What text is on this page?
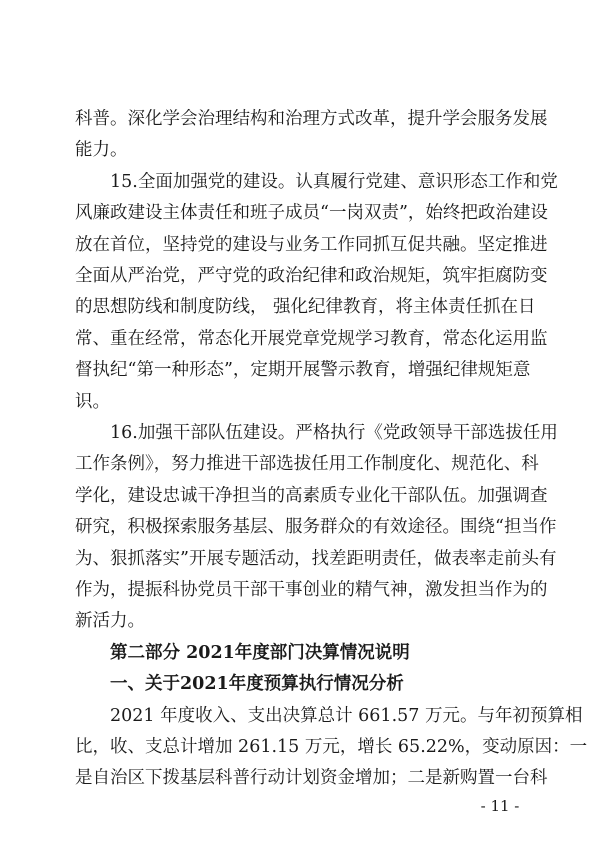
科普。深化学会治理结构和治理方式改革，提升学会服务发展
能力。
15.全面加强党的建设。认真履行党建、意识形态工作和党
风廉政建设主体责任和班子成员“一岗双责”，始终把政治建设
放在首位，坚持党的建设与业务工作同抓互促共融。坚定推进
全面从严治党，严守党的政治纪律和政治规矩，筑牢拒腐防变
的思想防线和制度防线， 强化纪律教育，将主体责任抓在日
常、重在经常，常态化开展党章党规学习教育，常态化运用监
督执纪“第一种形态”，定期开展警示教育，增强纪律规矩意
识。
16.加强干部队伍建设。严格执行《党政领导干部选拔任用
工作条例》，努力推进干部选拔任用工作制度化、规范化、科
学化，建设忠诚干净担当的高素质专业化干部队伍。加强调查
研究，积极探索服务基层、服务群众的有效途径。围绕“担当作
为、狠抓落实”开展专题活动，找差距明责任，做表率走前头有
作为，提振科协党员干部干事创业的精气神，激发担当作为的
新活力。
第二部分 2021年度部门决算情况说明
一、关于2021年度预算执行情况分析
2021 年度收入、支出决算总计 661.57 万元。与年初预算相
比，收、支总计增加 261.15 万元，增长 65.22%，变动原因：一
是自治区下拨基层科普行动计划资金增加；二是新购置一台科
- 11 -
